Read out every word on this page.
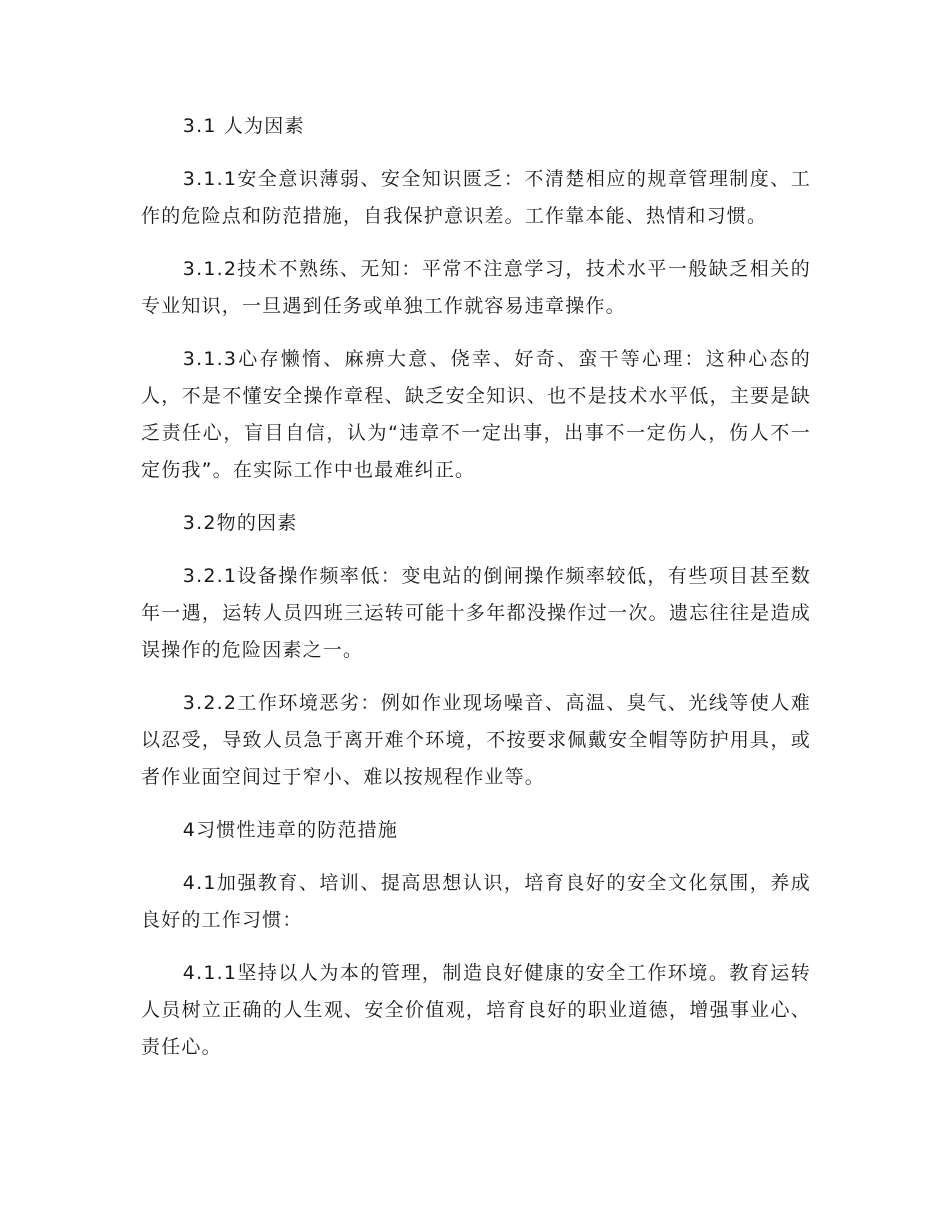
3.1 人为因素

3.1.1安全意识薄弱、安全知识匮乏：不清楚相应的规章管理制度、工作的危险点和防范措施，自我保护意识差。工作靠本能、热情和习惯。

3.1.2技术不熟练、无知：平常不注意学习，技术水平一般缺乏相关的专业知识，一旦遇到任务或单独工作就容易违章操作。

3.1.3心存懒惰、麻痹大意、侥幸、好奇、蛮干等心理：这种心态的人，不是不懂安全操作章程、缺乏安全知识、也不是技术水平低，主要是缺乏责任心，盲目自信，认为“违章不一定出事，出事不一定伤人，伤人不一定伤我”。在实际工作中也最难纠正。

3.2物的因素

3.2.1设备操作频率低：变电站的倒闸操作频率较低，有些项目甚至数年一遇，运转人员四班三运转可能十多年都没操作过一次。遗忘往往是造成误操作的危险因素之一。

3.2.2工作环境恶劣：例如作业现场噪音、高温、臭气、光线等使人难以忍受，导致人员急于离开难个环境，不按要求佩戴安全帽等防护用具，或者作业面空间过于窄小、难以按规程作业等。

4习惯性违章的防范措施

4.1加强教育、培训、提高思想认识，培育良好的安全文化氛围，养成良好的工作习惯：

4.1.1坚持以人为本的管理，制造良好健康的安全工作环境。教育运转人员树立正确的人生观、安全价值观，培育良好的职业道德，增强事业心、责任心。
